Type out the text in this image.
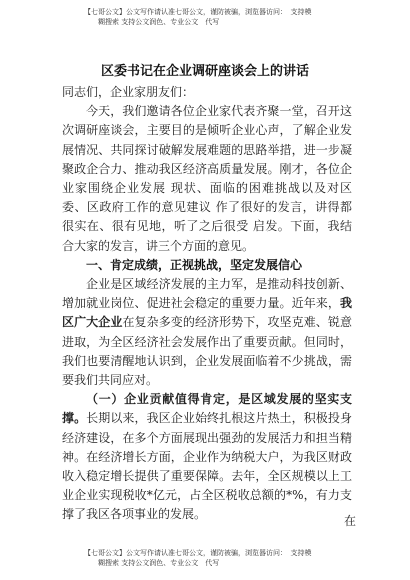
【七哥公文】公文写作请认准七哥公文，谨防被骗，浏览器访问：　支持模
糊搜索 支持公文润色、专业公文　代写
区委书记在企业调研座谈会上的讲话

同志们，企业家朋友们：

今天，我们邀请各位企业家代表齐聚一堂，召开这次调研座谈会，主要目的是倾听企业心声，了解企业发展情况、共同探讨破解发展难题的思路举措，进一步凝聚政企合力、推动我区经济高质量发展。刚才，各位企业家围绕企业发展 现状、面临的困难挑战以及对区委、区政府工作的意见建议 作了很好的发言，讲得都很实在、很有见地，听了之后很受 启发。下面，我结合大家的发言，讲三个方面的意见。

一、肯定成绩，正视挑战，坚定发展信心

企业是区域经济发展的主力军，是推动科技创新、增加就业岗位、促进社会稳定的重要力量。近年来，我区广大企业在复杂多变的经济形势下，攻坚克难、锐意进取，为全区经济社会发展作出了重要贡献。但同时，我们也要清醒地认识到，企业发展面临着不少挑战，需要我们共同应对。

（一）企业贡献值得肯定，是区域发展的坚实支撑。长期以来，我区企业始终扎根这片热土，积极投身经济建设，在多个方面展现出强劲的发展活力和担当精神。在经济增长方面，企业作为纳税大户，为我区财政收入稳定增长提供了重要保障。去年，全区规模以上工业企业实现税收*亿元，占全区税收总额的*%，有力支撑了我区各项事业的发展。	在
【七哥公文】公文写作请认准七哥公文，谨防被骗，浏览器访问：　支持模
糊搜索 支持公文润色、专业公文　代写
